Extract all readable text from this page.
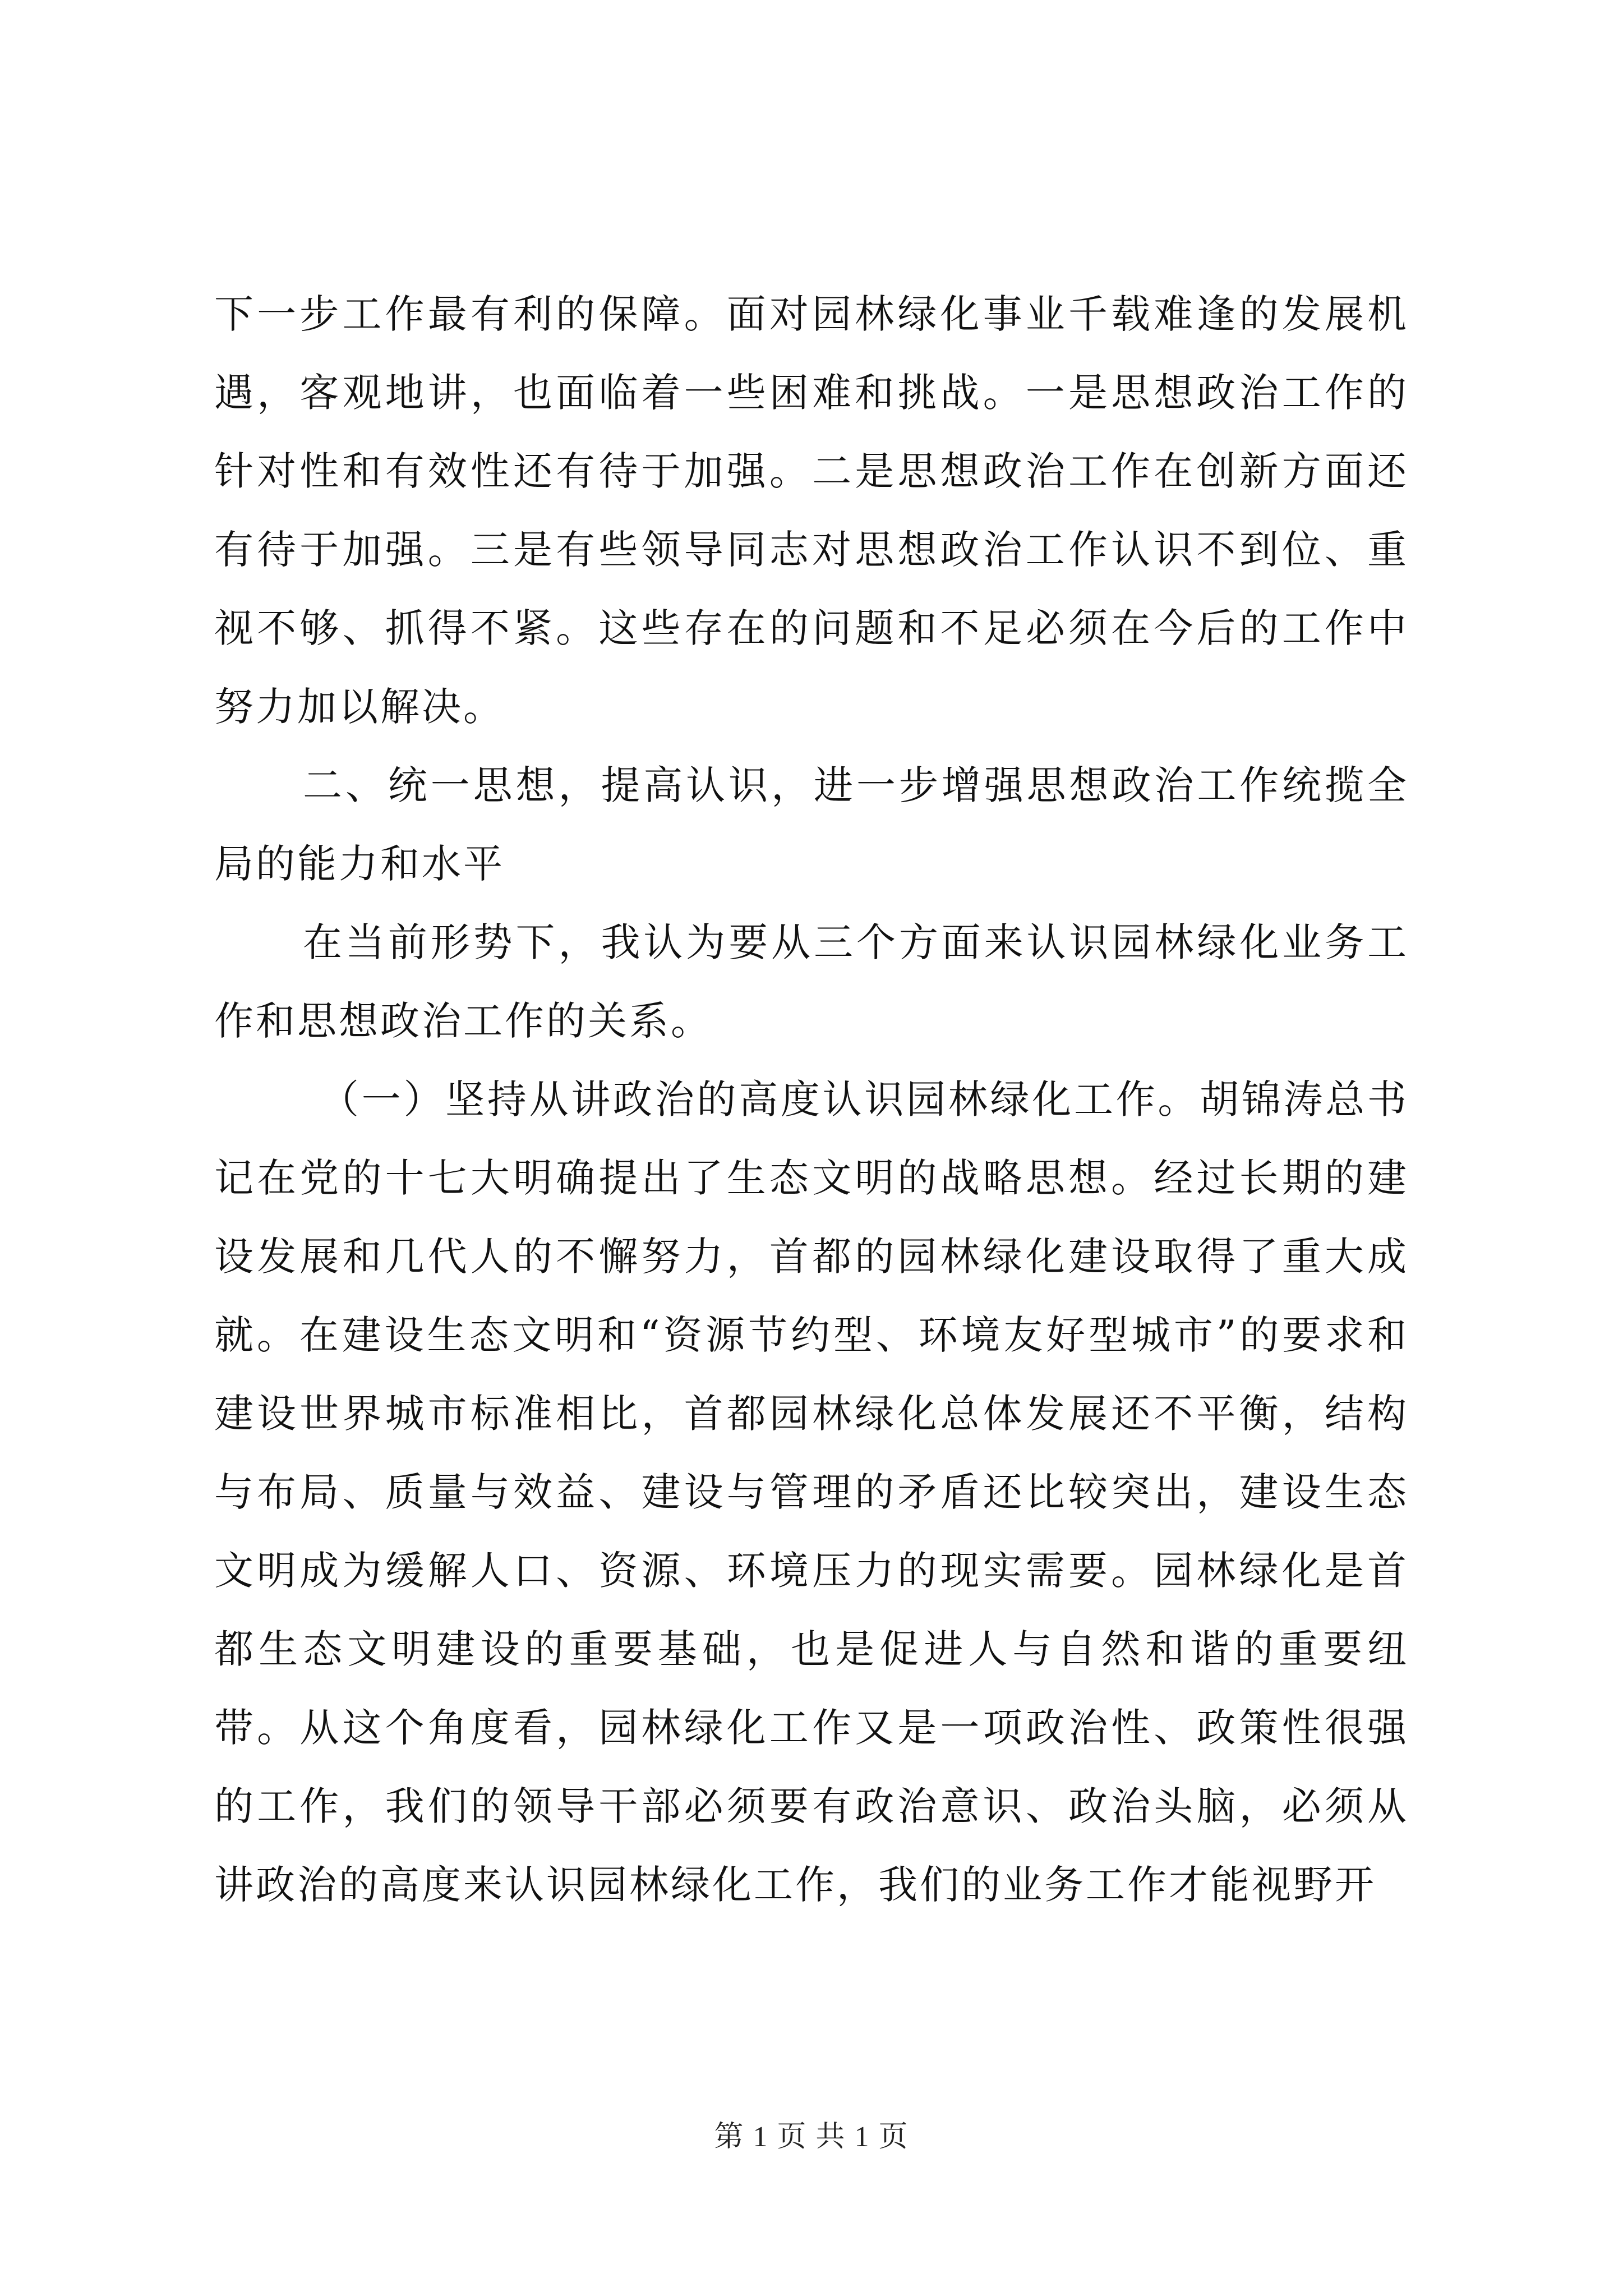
下一步工作最有利的保障。面对园林绿化事业千载难逢的发展机遇，客观地讲，也面临着一些困难和挑战。一是思想政治工作的针对性和有效性还有待于加强。二是思想政治工作在创新方面还有待于加强。三是有些领导同志对思想政治工作认识不到位、重视不够、抓得不紧。这些存在的问题和不足必须在今后的工作中努力加以解决。

二、统一思想，提高认识，进一步增强思想政治工作统揽全局的能力和水平

在当前形势下，我认为要从三个方面来认识园林绿化业务工作和思想政治工作的关系。

（一）坚持从讲政治的高度认识园林绿化工作。胡锦涛总书记在党的十七大明确提出了生态文明的战略思想。经过长期的建设发展和几代人的不懈努力，首都的园林绿化建设取得了重大成就。在建设生态文明和“资源节约型、环境友好型城市”的要求和建设世界城市标准相比，首都园林绿化总体发展还不平衡，结构与布局、质量与效益、建设与管理的矛盾还比较突出，建设生态文明成为缓解人口、资源、环境压力的现实需要。园林绿化是首都生态文明建设的重要基础，也是促进人与自然和谐的重要纽带。从这个角度看，园林绿化工作又是一项政治性、政策性很强的工作，我们的领导干部必须要有政治意识、政治头脑，必须从讲政治的高度来认识园林绿化工作，我们的业务工作才能视野开

第 1 页 共 1 页
